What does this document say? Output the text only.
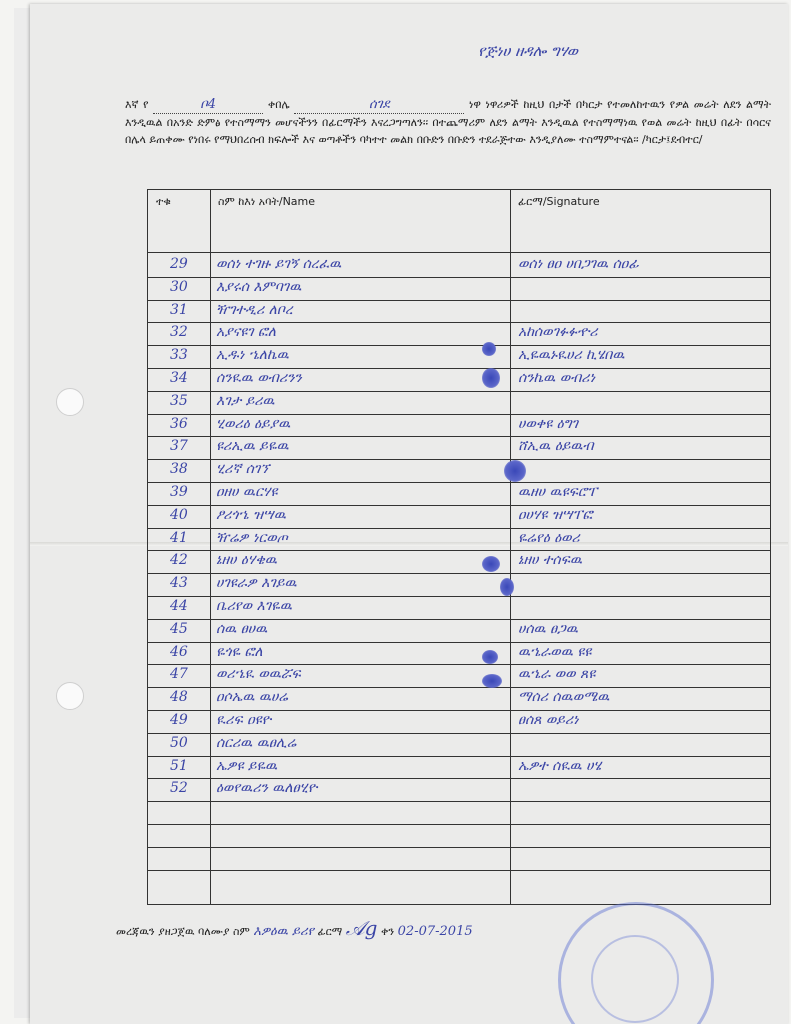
የጅነሀ ዘዳሎ ግሃወ
እኛ የ	ቦ4	ቀበሌ	ሰገደ	ነዋ ነዋሪዎች ከዚህ በታች በካርታ የተመለከተዉን የዎል መሬት ለደን ልማት እንዲዉል በአንድ ድምፅ የተስማማን መሆናችንን በፊርማችን እናረጋግጣለን፡፡ በተጨማሪም ለደን ልማት እንዲዉል የተስማማነዉ የወል መሬት ከዚህ በፊት በሳርና በሌላ ይጠቀሙ የነበሩ የማህበረሰብ ክፍሎች እና ወጣቶችን ባካተተ መልክ በቡድን በቡድን ተደራጅተው እንዲያለሙ ተስማምተናል፡፡ /ካርታ፤ደብተር/
ተቁ	ስም ከእነ አባት/Name	ፊርማ/Signature
29	ወሰነ ተገዙ ይገኝ ሰረፈዉ	ወሰነ ፀዐ ሀበጋገዉ ሰዐፊ
30	እያሩሰ እምባገዉ
31	ዥገተዲሪ ለቦረ
32	አያናዩገ ፎለ	አከሰወገፉፉዯሪ
33	ኢዱነ ኄለኬዉ	ኢዬዉኑዪሀሪ ኪሄበዉ
34	ሰንዪዉ ወብሪንን	ሰንኬዉ ወብሪነ
35	እገታ ይሪዉ
36	ሂወሪዕ ዕይያዉ	ሀወቀዩ ዕግገ
37	ዩሪኢዉ ይዬዉ	ሸኢዉ ዕይዉብ
38	ሂሪኛ ሰገኘ
39	ዐዘሀ ዉርሃዩ	ዉዘሀ ዉዩፍሮፐ
40	ፆሪጎኄ ዝሣዉ	ዐሀሃዩ ዝሣፐፎ
41	ዥሬዎ ነርወጦ	ዬሬየዕ ዕወሪ
42	ኔዘሀ ዕሃቄዉ	ኔዘሀ ተሰፍዉ
43	ሀገዩራዎ እገይዉ
44	ቤሪየወ እገዬዉ
45	ሰዉ ፀሀዉ	ሀሰዉ ፀጋዉ
46	ዬጎዬ ፎለ	ዉኄራወዉ ዩዩ
47	ወሪኄዪ ወዉሯፍ	ዉኄራ ወወ ጸዩ
48	ዐሶኤዉ ዉሀሬ	ማሰሪ ሰዉወሜዉ
49	ዪሪፍ ዐዩዮ	ፀሰጸ ወይሪነ
50	ሰርሪዉ ዉፀሊሬ
51	ኤዎዩ ይዬዉ	ኤዎተ ሰዪዉ ሀሄ
52	ዕወየዉሪን ዉለፀሂዮ
መረጃዉን ያዘጋጀዉ ባለሙያ ስም እዎዕዉ ይሪየ ፊርማ 𝒜𝑔 ቀን 02-07-2015
